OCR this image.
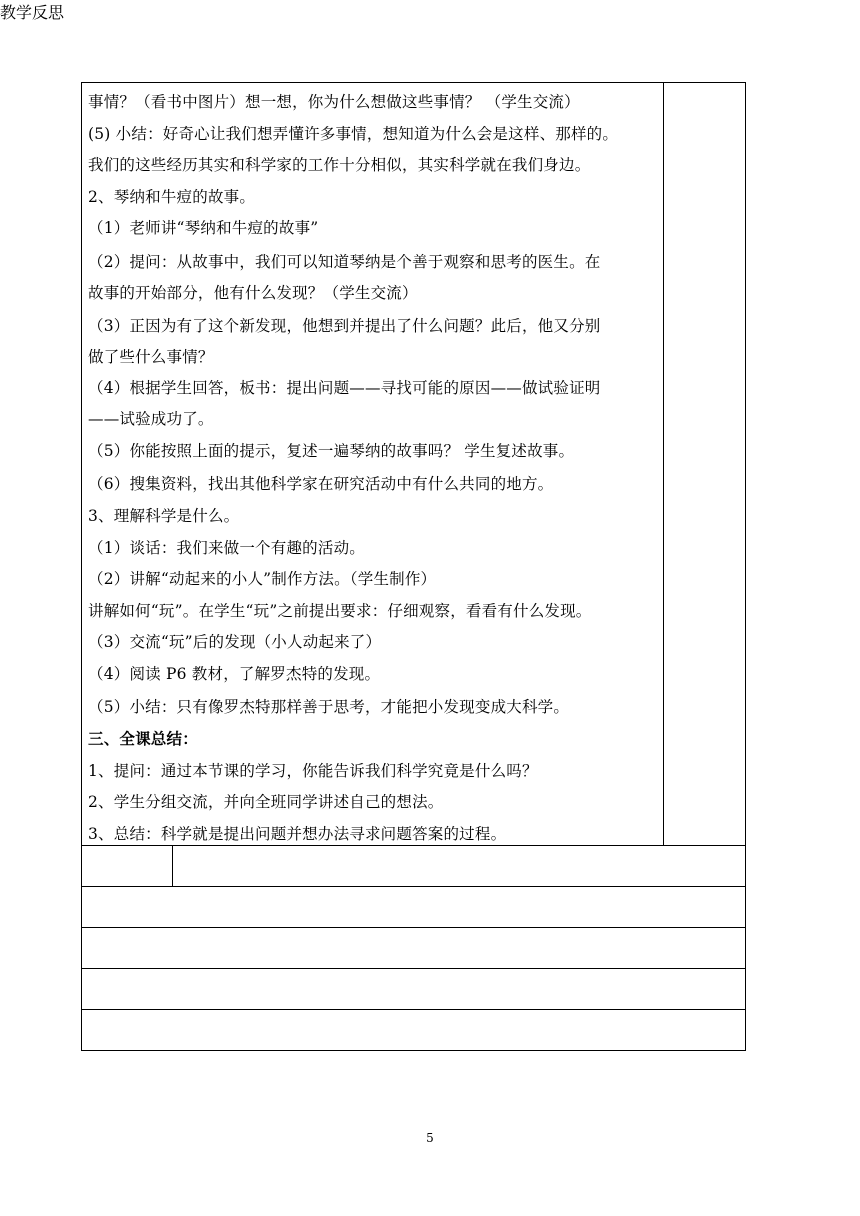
事情？（看书中图片）想一想，你为什么想做这些事情？ （学生交流）
(5) 小结：好奇心让我们想弄懂许多事情，想知道为什么会是这样、那样的。
我们的这些经历其实和科学家的工作十分相似，其实科学就在我们身边。
2、琴纳和牛痘的故事。
（1）老师讲“琴纳和牛痘的故事”
（2）提问：从故事中，我们可以知道琴纳是个善于观察和思考的医生。在
故事的开始部分，他有什么发现？（学生交流）
（3）正因为有了这个新发现，他想到并提出了什么问题？此后，他又分别
做了些什么事情？
（4）根据学生回答，板书：提出问题——寻找可能的原因——做试验证明
——试验成功了。
（5）你能按照上面的提示，复述一遍琴纳的故事吗？ 学生复述故事。
（6）搜集资料，找出其他科学家在研究活动中有什么共同的地方。
3、理解科学是什么。
（1）谈话：我们来做一个有趣的活动。
（2）讲解“动起来的小人”制作方法。（学生制作）
讲解如何“玩”。在学生“玩”之前提出要求：仔细观察，看看有什么发现。
（3）交流“玩”后的发现（小人动起来了）
（4）阅读 P6 教材，了解罗杰特的发现。
（5）小结：只有像罗杰特那样善于思考，才能把小发现变成大科学。
三、全课总结：
1、提问：通过本节课的学习，你能告诉我们科学究竟是什么吗？
2、学生分组交流，并向全班同学讲述自己的想法。
3、总结：科学就是提出问题并想办法寻求问题答案的过程。
教学反思
5
